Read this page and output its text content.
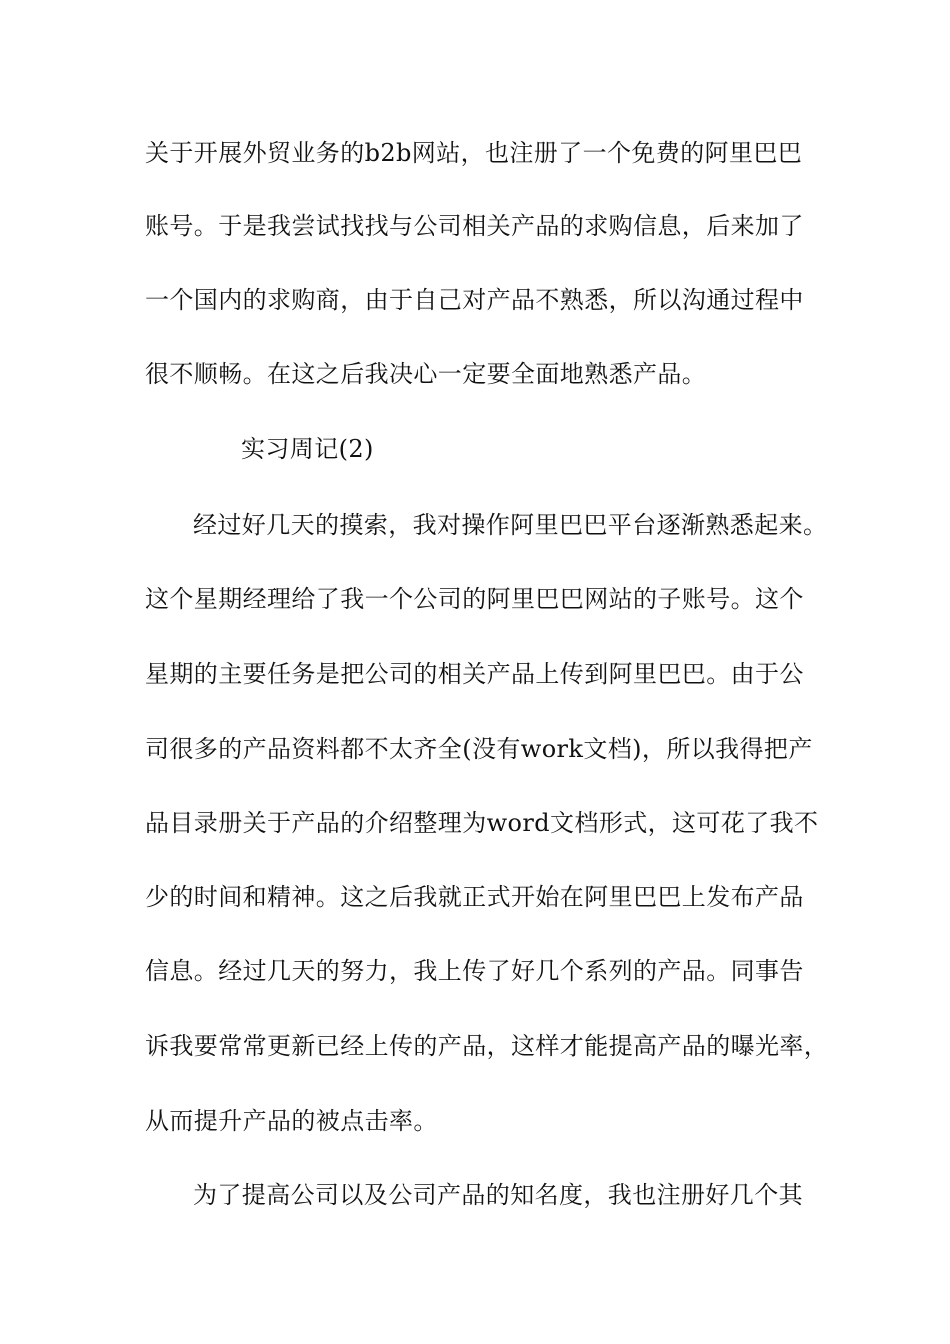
关于开展外贸业务的b2b网站，也注册了一个免费的阿里巴巴
账号。于是我尝试找找与公司相关产品的求购信息，后来加了
一个国内的求购商，由于自己对产品不熟悉，所以沟通过程中
很不顺畅。在这之后我决心一定要全面地熟悉产品。
实习周记(2)
经过好几天的摸索，我对操作阿里巴巴平台逐渐熟悉起来。
这个星期经理给了我一个公司的阿里巴巴网站的子账号。这个
星期的主要任务是把公司的相关产品上传到阿里巴巴。由于公
司很多的产品资料都不太齐全(没有work文档)，所以我得把产
品目录册关于产品的介绍整理为word文档形式，这可花了我不
少的时间和精神。这之后我就正式开始在阿里巴巴上发布产品
信息。经过几天的努力，我上传了好几个系列的产品。同事告
诉我要常常更新已经上传的产品，这样才能提高产品的曝光率，
从而提升产品的被点击率。
为了提高公司以及公司产品的知名度，我也注册好几个其
